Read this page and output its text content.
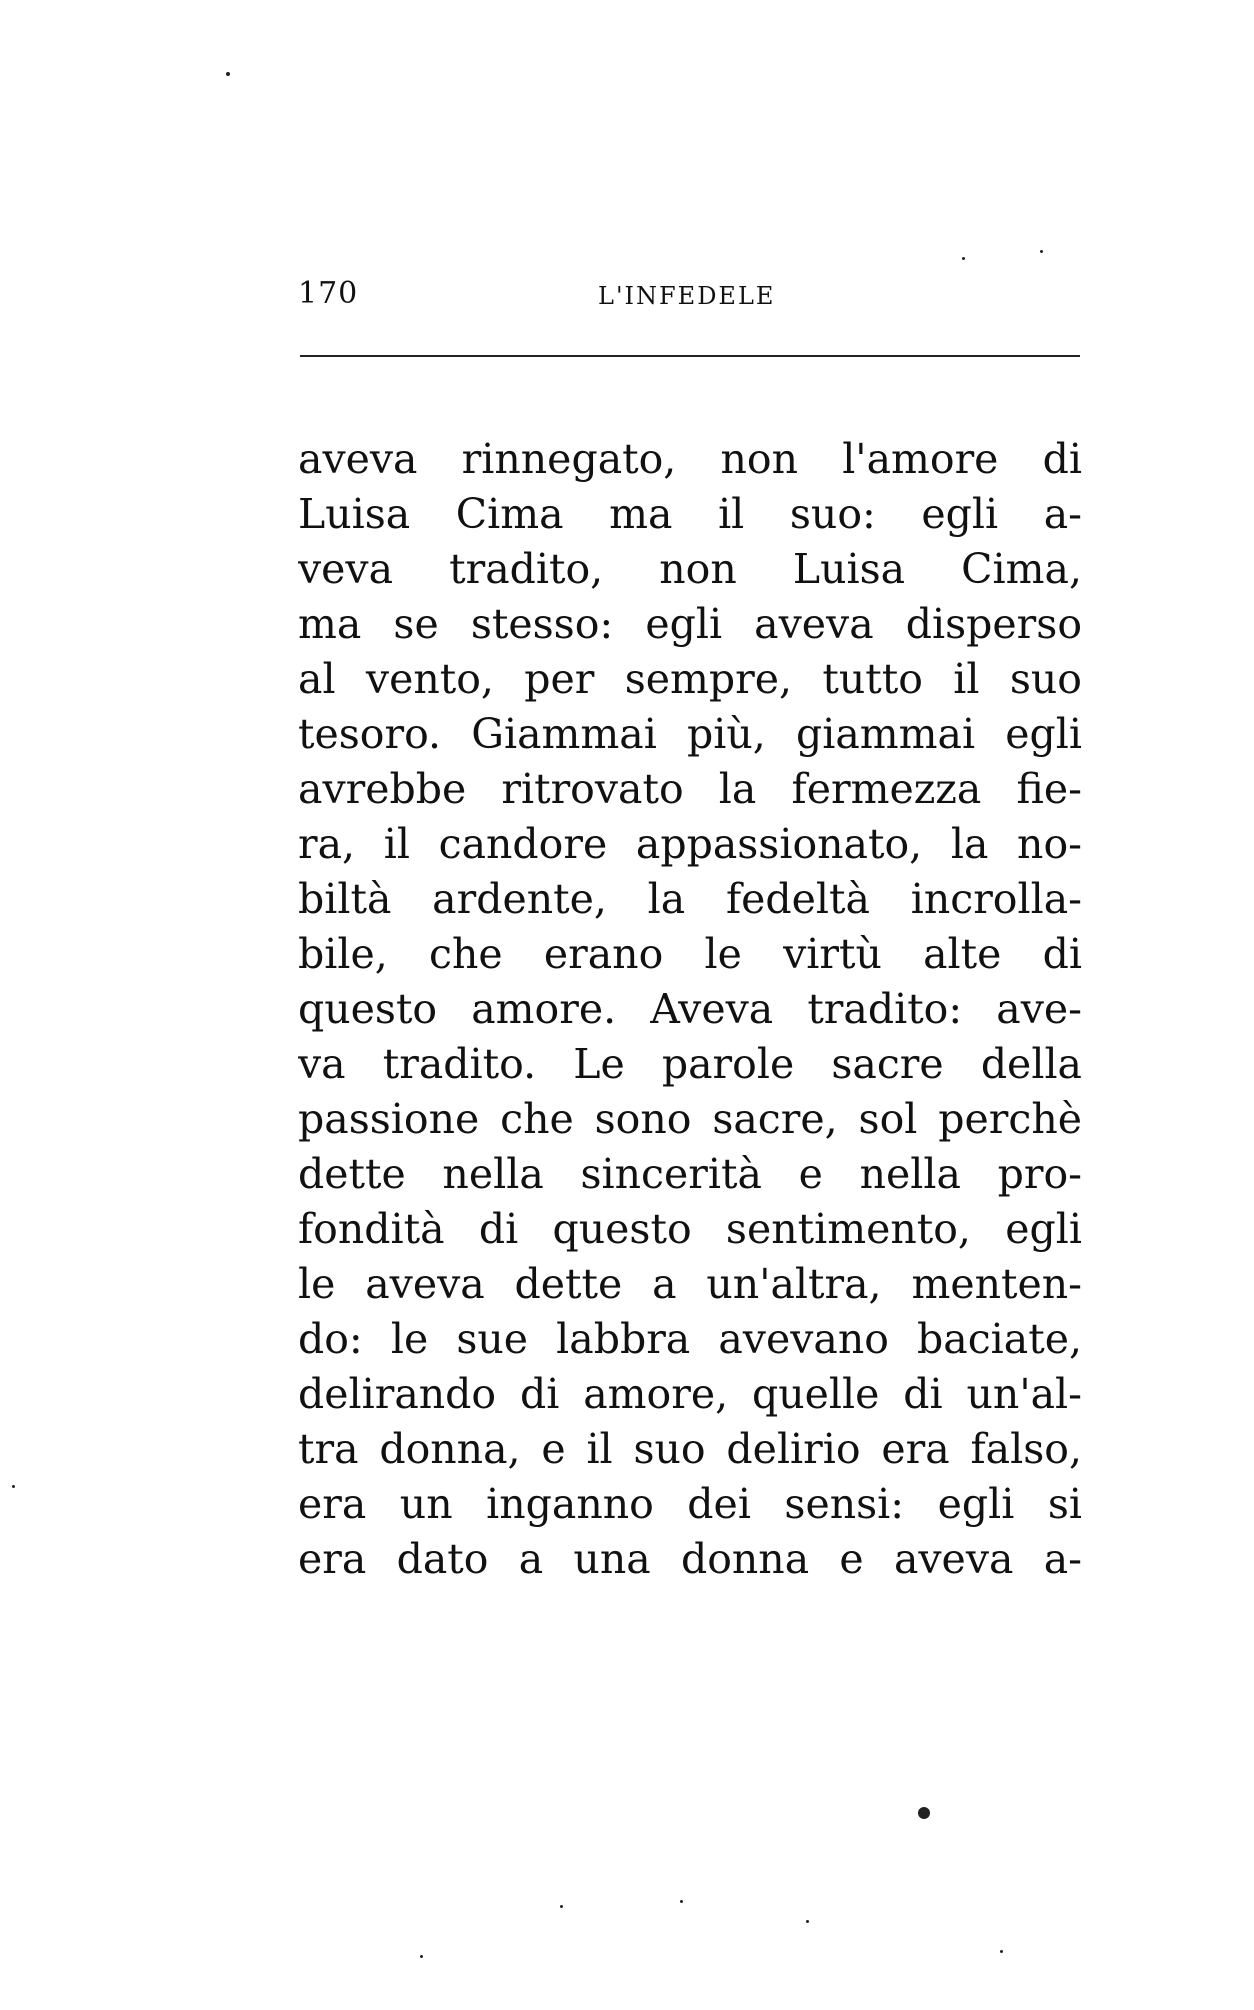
170	L'INFEDELE
aveva rinnegato, non l'amore di
Luisa Cima ma il suo: egli a-
veva tradito, non Luisa Cima,
ma se stesso: egli aveva disperso
al vento, per sempre, tutto il suo
tesoro. Giammai più, giammai egli
avrebbe ritrovato la fermezza fie-
ra, il candore appassionato, la no-
biltà ardente, la fedeltà incrolla-
bile, che erano le virtù alte di
questo amore. Aveva tradito: ave-
va tradito. Le parole sacre della
passione che sono sacre, sol perchè
dette nella sincerità e nella pro-
fondità di questo sentimento, egli
le aveva dette a un'altra, menten-
do: le sue labbra avevano baciate,
delirando di amore, quelle di un'al-
tra donna, e il suo delirio era falso,
era un inganno dei sensi: egli si
era dato a una donna e aveva a-
